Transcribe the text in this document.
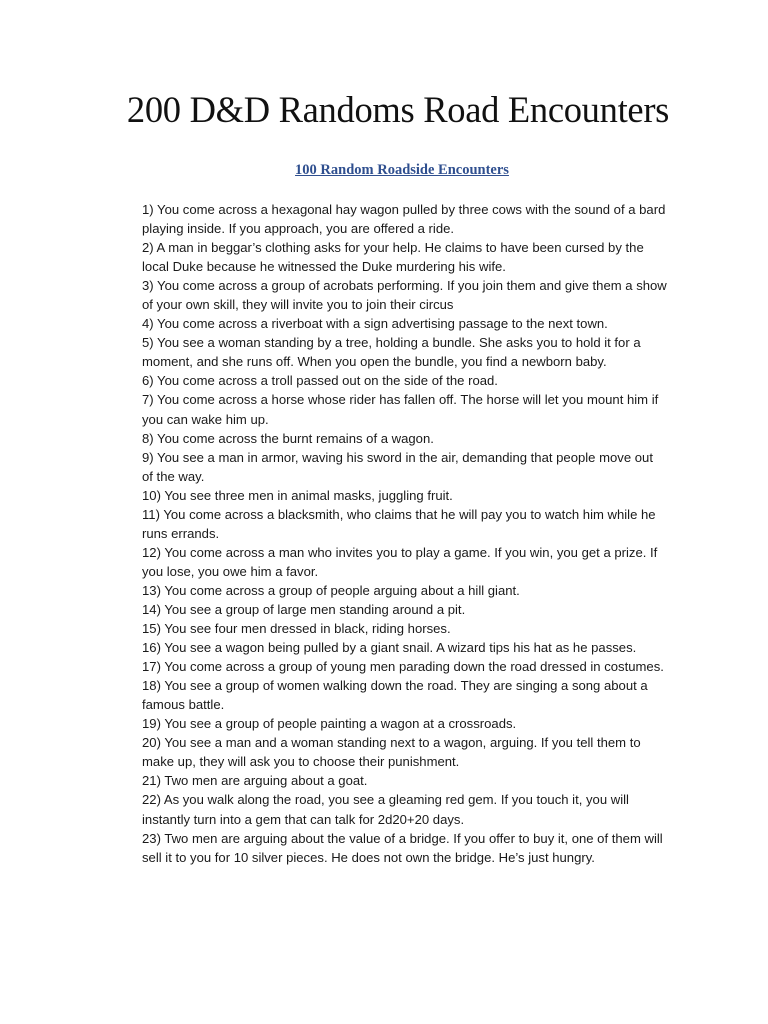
200 D&D Randoms Road Encounters
100 Random Roadside Encounters
1) You come across a hexagonal hay wagon pulled by three cows with the sound of a bard playing inside. If you approach, you are offered a ride.
2) A man in beggar’s clothing asks for your help. He claims to have been cursed by the local Duke because he witnessed the Duke murdering his wife.
3) You come across a group of acrobats performing. If you join them and give them a show of your own skill, they will invite you to join their circus
4) You come across a riverboat with a sign advertising passage to the next town.
5) You see a woman standing by a tree, holding a bundle. She asks you to hold it for a moment, and she runs off. When you open the bundle, you find a newborn baby.
6) You come across a troll passed out on the side of the road.
7) You come across a horse whose rider has fallen off. The horse will let you mount him if you can wake him up.
8) You come across the burnt remains of a wagon.
9) You see a man in armor, waving his sword in the air, demanding that people move out of the way.
10) You see three men in animal masks, juggling fruit.
11) You come across a blacksmith, who claims that he will pay you to watch him while he runs errands.
12) You come across a man who invites you to play a game. If you win, you get a prize. If you lose, you owe him a favor.
13) You come across a group of people arguing about a hill giant.
14) You see a group of large men standing around a pit.
15) You see four men dressed in black, riding horses.
16) You see a wagon being pulled by a giant snail. A wizard tips his hat as he passes.
17) You come across a group of young men parading down the road dressed in costumes.
18) You see a group of women walking down the road. They are singing a song about a famous battle.
19) You see a group of people painting a wagon at a crossroads.
20) You see a man and a woman standing next to a wagon, arguing. If you tell them to make up, they will ask you to choose their punishment.
21) Two men are arguing about a goat.
22) As you walk along the road, you see a gleaming red gem. If you touch it, you will instantly turn into a gem that can talk for 2d20+20 days.
23) Two men are arguing about the value of a bridge. If you offer to buy it, one of them will sell it to you for 10 silver pieces. He does not own the bridge. He’s just hungry.
